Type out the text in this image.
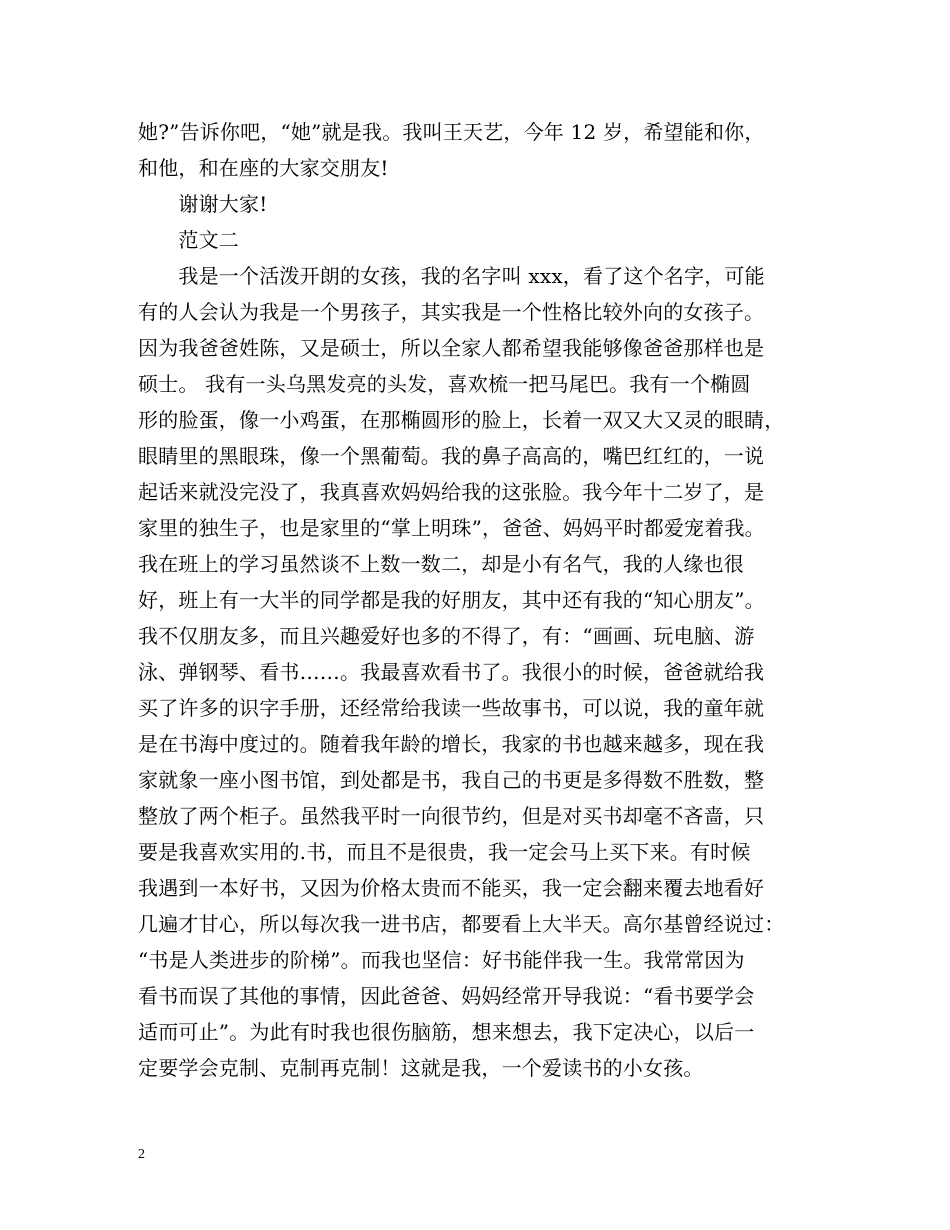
她?”告诉你吧，“她”就是我。我叫王天艺，今年 12 岁，希望能和你，
和他，和在座的大家交朋友!
　　谢谢大家!
　　范文二
　　我是一个活泼开朗的女孩，我的名字叫 xxx，看了这个名字，可能
有的人会认为我是一个男孩子，其实我是一个性格比较外向的女孩子。
因为我爸爸姓陈，又是硕士，所以全家人都希望我能够像爸爸那样也是
硕士。 我有一头乌黑发亮的头发，喜欢梳一把马尾巴。我有一个椭圆
形的脸蛋，像一小鸡蛋，在那椭圆形的脸上，长着一双又大又灵的眼睛，
眼睛里的黑眼珠，像一个黑葡萄。我的鼻子高高的，嘴巴红红的，一说
起话来就没完没了，我真喜欢妈妈给我的这张脸。我今年十二岁了，是
家里的独生子，也是家里的“掌上明珠”，爸爸、妈妈平时都爱宠着我。
我在班上的学习虽然谈不上数一数二，却是小有名气，我的人缘也很
好，班上有一大半的同学都是我的好朋友，其中还有我的“知心朋友”。
我不仅朋友多，而且兴趣爱好也多的不得了，有：“画画、玩电脑、游
泳、弹钢琴、看书……。我最喜欢看书了。我很小的时候，爸爸就给我
买了许多的识字手册，还经常给我读一些故事书，可以说，我的童年就
是在书海中度过的。随着我年龄的增长，我家的书也越来越多，现在我
家就象一座小图书馆，到处都是书，我自己的书更是多得数不胜数，整
整放了两个柜子。虽然我平时一向很节约，但是对买书却毫不吝啬，只
要是我喜欢实用的.书，而且不是很贵，我一定会马上买下来。有时候
我遇到一本好书，又因为价格太贵而不能买，我一定会翻来覆去地看好
几遍才甘心，所以每次我一进书店，都要看上大半天。高尔基曾经说过：
“书是人类进步的阶梯”。而我也坚信：好书能伴我一生。我常常因为
看书而误了其他的事情，因此爸爸、妈妈经常开导我说：“看书要学会
适而可止”。为此有时我也很伤脑筋，想来想去，我下定决心，以后一
定要学会克制、克制再克制！这就是我，一个爱读书的小女孩。
2
